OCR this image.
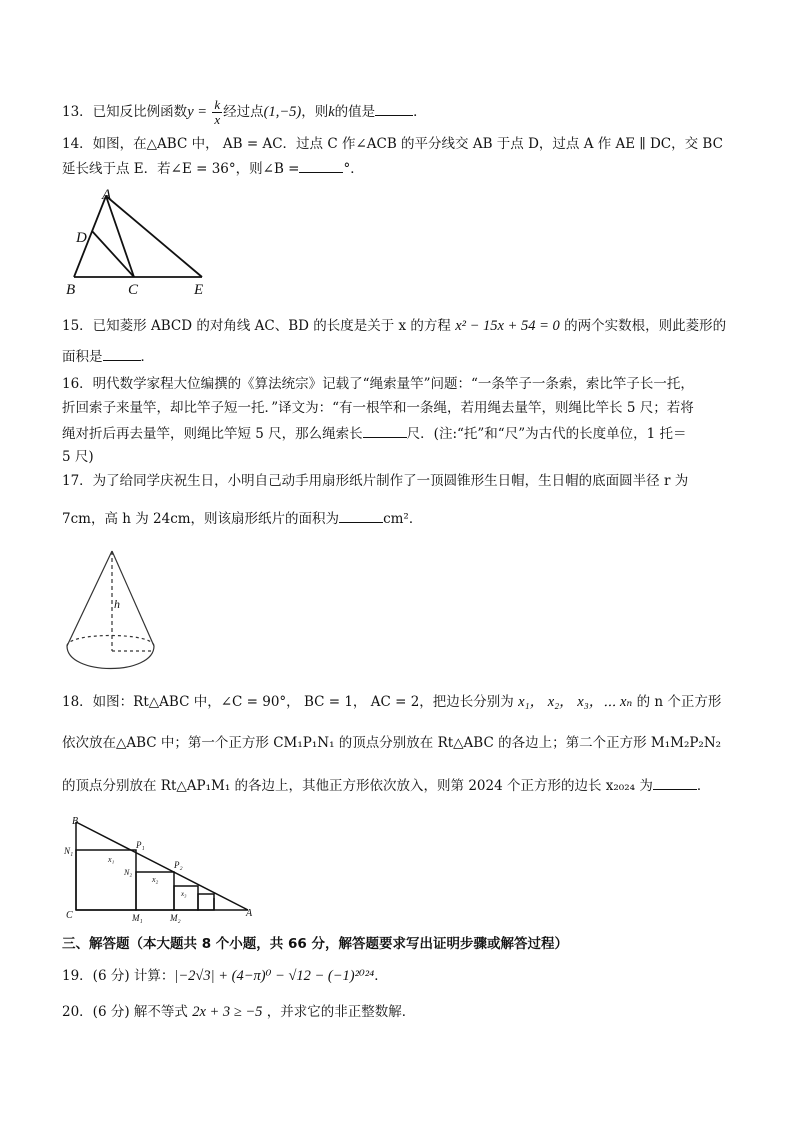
13．已知反比例函数$y = \frac{k}{x}$ 经过点(1,−5)，则k的值是	．
14．如图，在△ABC 中， AB = AC．过点 C 作∠ACB 的平分线交 AB 于点 D，过点 A 作 AE ∥ DC，交 BC
延长线于点 E．若∠E = 36°，则∠B =	°．
A
D
B	C	E
15．已知菱形 ABCD 的对角线 AC、BD 的长度是关于 x 的方程 x² − 15x + 54 = 0 的两个实数根，则此菱形的
面积是	．
16．明代数学家程大位编撰的《算法统宗》记载了“绳索量竿”问题：“一条竿子一条索，索比竿子长一托，
折回索子来量竿，却比竿子短一托．”译文为：“有一根竿和一条绳，若用绳去量竿，则绳比竿长 5 尺；若将
绳对折后再去量竿，则绳比竿短 5 尺，那么绳索长	尺．(注:“托”和“尺”为古代的长度单位，1 托＝
5 尺)
17．为了给同学庆祝生日，小明自己动手用扇形纸片制作了一顶圆锥形生日帽，生日帽的底面圆半径 r 为
7cm，高 h 为 24cm，则该扇形纸片的面积为	cm²．
h
18．如图：Rt△ABC 中，∠C = 90°， BC = 1， AC = 2，把边长分别为 x₁， x₂， x₃，⋯ xₙ 的 n 个正方形
依次放在△ABC 中；第一个正方形 CM₁P₁N₁ 的顶点分别放在 Rt△ABC 的各边上；第二个正方形 M₁M₂P₂N₂
的顶点分别放在 Rt△AP₁M₁ 的各边上，其他正方形依次放入，则第 2024 个正方形的边长 x₂₀₂₄ 为	．
B
N₁
P₁
P₂
N₂
x₁
x₂
x₃
C	M₁	M₂	A
三、解答题（本大题共 8 个小题，共 66 分，解答题要求写出证明步骤或解答过程）
19．(6 分) 计算：|−2√3| + (4−π)⁰ − √12 − (−1)²⁰²⁴．
20．(6 分) 解不等式 2x + 3 ≥ −5 ，并求它的非正整数解．
